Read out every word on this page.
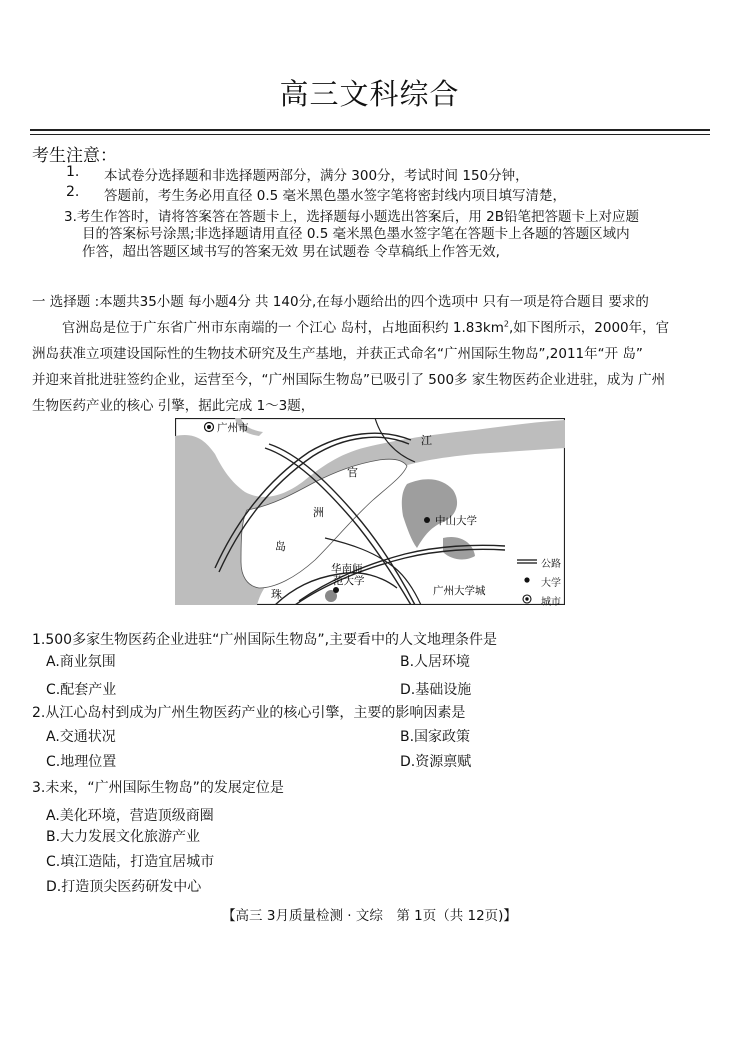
高三文科综合
考生注意：
1. 本试卷分选择题和非选择题两部分，满分 300分，考试时间 150分钟，
2. 答题前，考生务必用直径 0.5 毫米黑色墨水签字笔将密封线内项目填写清楚，
3.考生作答时，请将答案答在答题卡上，选择题每小题选出答案后，用 2B铅笔把答题卡上对应题
目的答案标号涂黑;非选择题请用直径 0.5 毫米黑色墨水签字笔在答题卡上各题的答题区域内
作答，超出答题区域书写的答案无效 男在试题卷 令草稿纸上作答无效,
一 选择题 :本题共35小题 每小题4分 共 140分,在每小题给出的四个选项中 只有一项是符合题目 要求的
官洲岛是位于广东省广州市东南端的一 个江心 岛村，占地面积约 $1.83km^2$,如下图所示，2000年，官
洲岛获准立项建设国际性的生物技术研究及生产基地，并获正式命名“广州国际生物岛”,2011年“开 岛”
并迎来首批进驻签约企业，运营至今，“广州国际生物岛”已吸引了 500多 家生物医药企业进驻，成为 广州
生物医药产业的核心 引擎，据此完成 1～3题，
广州市
江
官
洲
岛
珠
中山大学
华南师
范大学
广州大学城
公路
大学
城市
1.500多家生物医药企业进驻“广州国际生物岛”,主要看中的人文地理条件是
A.商业氛围	B.人居环境
C.配套产业	D.基础设施
2.从江心岛村到成为广州生物医药产业的核心引擎，主要的影响因素是
A.交通状况	B.国家政策
C.地理位置	D.资源禀赋
3.未来，“广州国际生物岛”的发展定位是
A.美化环境，营造顶级商圈
B.大力发展文化旅游产业
C.填江造陆，打造宜居城市
D.打造顶尖医药研发中心
【高三 3月质量检测 · 文综　第 1页（共 12页)】
